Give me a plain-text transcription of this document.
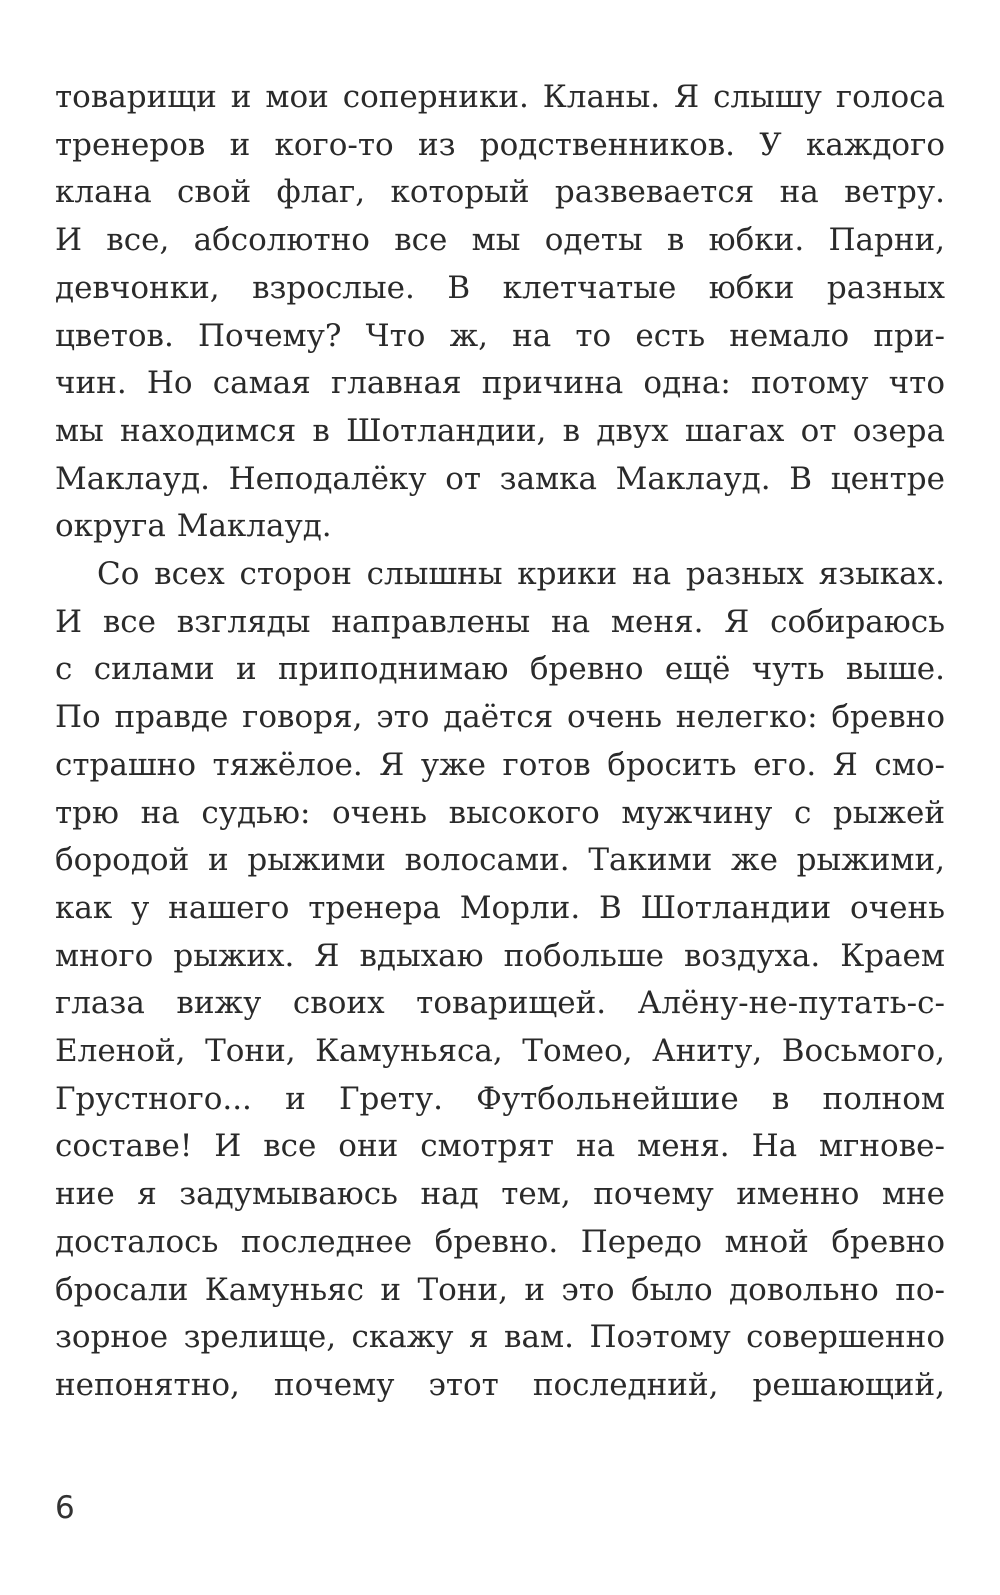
товарищи и мои соперники. Кланы. Я слышу голоса
тренеров и кого-то из родственников. У каждого
клана свой флаг, который развевается на ветру.
И все, абсолютно все мы одеты в юбки. Парни,
девчонки, взрослые. В клетчатые юбки разных
цветов. Почему? Что ж, на то есть немало при-
чин. Но самая главная причина одна: потому что
мы находимся в Шотландии, в двух шагах от озера
Маклауд. Неподалёку от замка Маклауд. В центре
округа Маклауд.
Со всех сторон слышны крики на разных языках.
И все взгляды направлены на меня. Я собираюсь
с силами и приподнимаю бревно ещё чуть выше.
По правде говоря, это даётся очень нелегко: бревно
страшно тяжёлое. Я уже готов бросить его. Я смо-
трю на судью: очень высокого мужчину с рыжей
бородой и рыжими волосами. Такими же рыжими,
как у нашего тренера Морли. В Шотландии очень
много рыжих. Я вдыхаю побольше воздуха. Краем
глаза вижу своих товарищей. Алёну-не-путать-с-
Еленой, Тони, Камуньяса, Томео, Аниту, Восьмого,
Грустного... и Грету. Футбольнейшие в полном
составе! И все они смотрят на меня. На мгнове-
ние я задумываюсь над тем, почему именно мне
досталось последнее бревно. Передо мной бревно
бросали Камуньяс и Тони, и это было довольно по-
зорное зрелище, скажу я вам. Поэтому совершенно
непонятно, почему этот последний, решающий,
6
